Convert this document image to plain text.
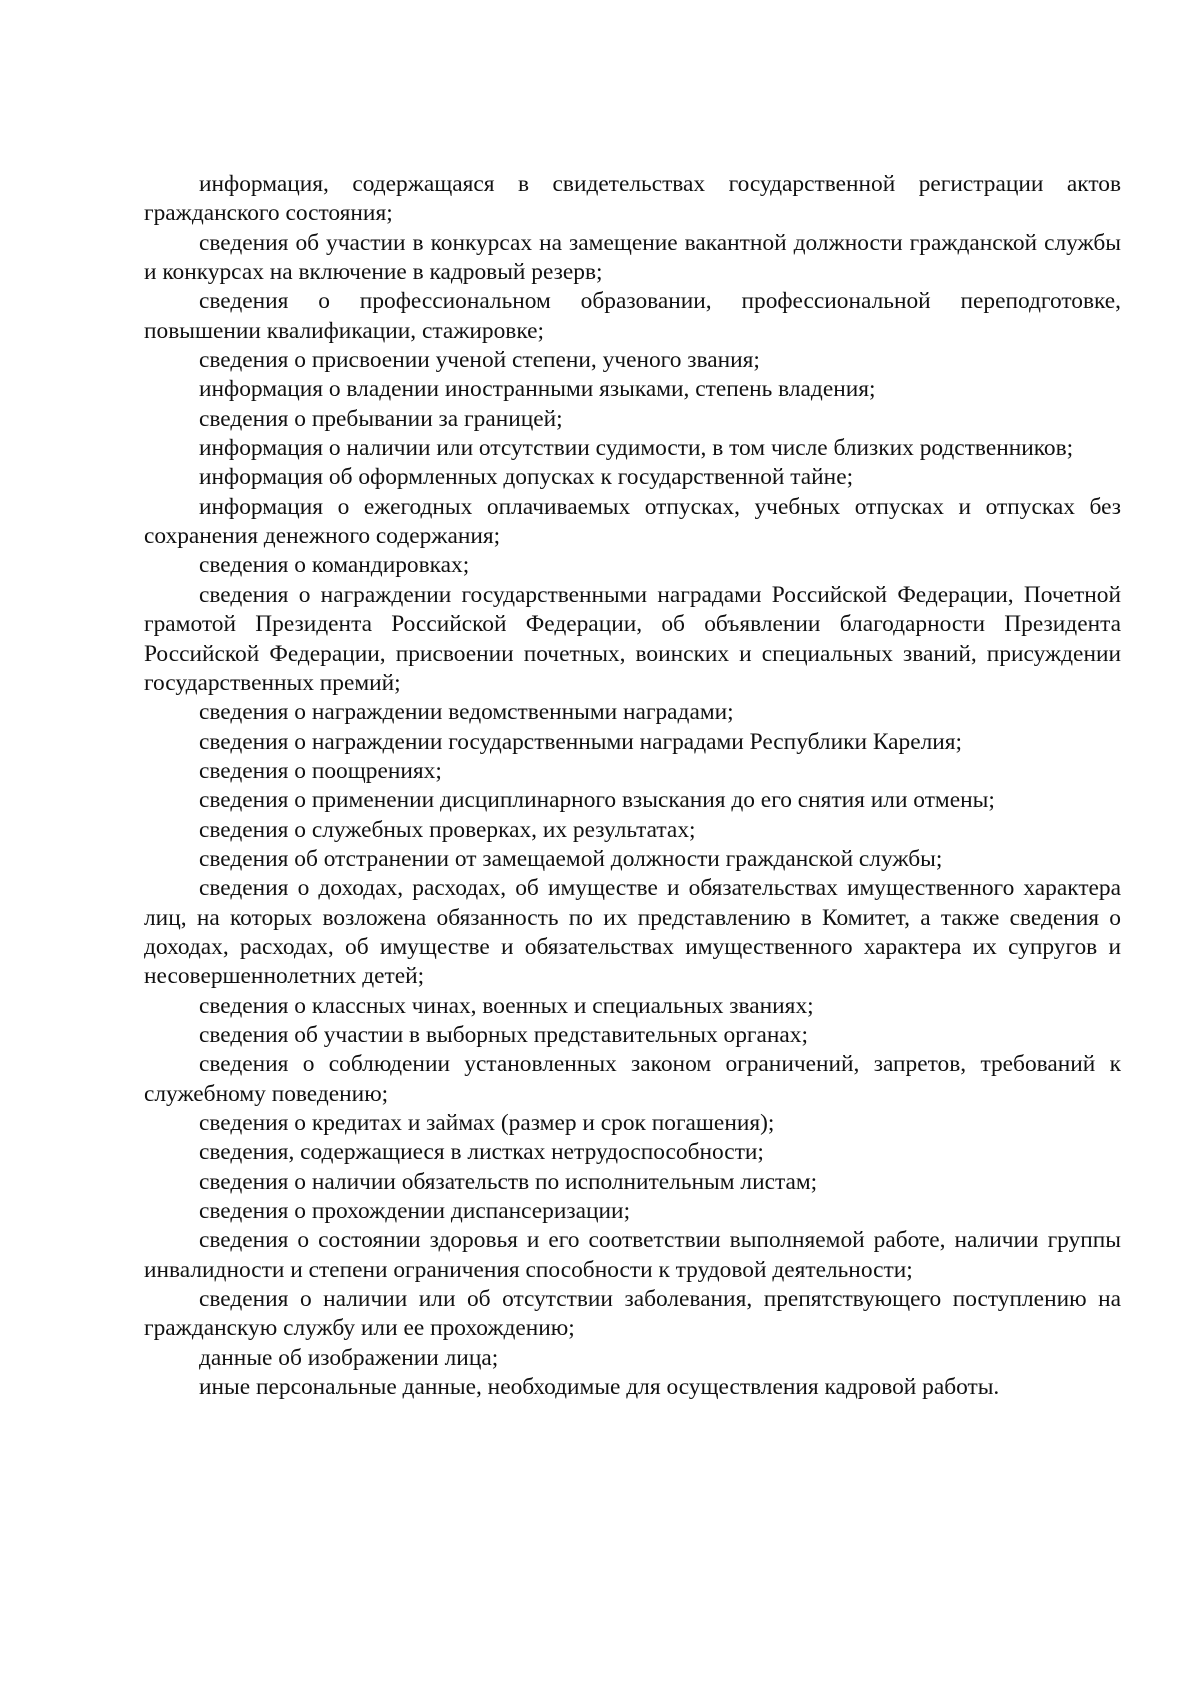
информация, содержащаяся в свидетельствах государственной регистрации актов гражданского состояния;

сведения об участии в конкурсах на замещение вакантной должности гражданской службы и конкурсах на включение в кадровый резерв;

сведения о профессиональном образовании, профессиональной переподготовке, повышении квалификации, стажировке;

сведения о присвоении ученой степени, ученого звания;

информация о владении иностранными языками, степень владения;

сведения о пребывании за границей;

информация о наличии или отсутствии судимости, в том числе близких родственников;

информация об оформленных допусках к государственной тайне;

информация о ежегодных оплачиваемых отпусках, учебных отпусках и отпусках без сохранения денежного содержания;

сведения о командировках;

сведения о награждении государственными наградами Российской Федерации, Почетной грамотой Президента Российской Федерации, об объявлении благодарности Президента Российской Федерации, присвоении почетных, воинских и специальных званий, присуждении государственных премий;

сведения о награждении ведомственными наградами;

сведения о награждении государственными наградами Республики Карелия;

сведения о поощрениях;

сведения о применении дисциплинарного взыскания до его снятия или отмены;

сведения о служебных проверках, их результатах;

сведения об отстранении от замещаемой должности гражданской службы;

сведения о доходах, расходах, об имуществе и обязательствах имущественного характера лиц, на которых возложена обязанность по их представлению в Комитет, а также сведения о доходах, расходах, об имуществе и обязательствах имущественного характера их супругов и несовершеннолетних детей;

сведения о классных чинах, военных и специальных званиях;

сведения об участии в выборных представительных органах;

сведения о соблюдении установленных законом ограничений, запретов, требований к служебному поведению;

сведения о кредитах и займах (размер и срок погашения);

сведения, содержащиеся в листках нетрудоспособности;

сведения о наличии обязательств по исполнительным листам;

сведения о прохождении диспансеризации;

сведения о состоянии здоровья и его соответствии выполняемой работе, наличии группы инвалидности и степени ограничения способности к трудовой деятельности;

сведения о наличии или об отсутствии заболевания, препятствующего поступлению на гражданскую службу или ее прохождению;

данные об изображении лица;

иные персональные данные, необходимые для осуществления кадровой работы.
